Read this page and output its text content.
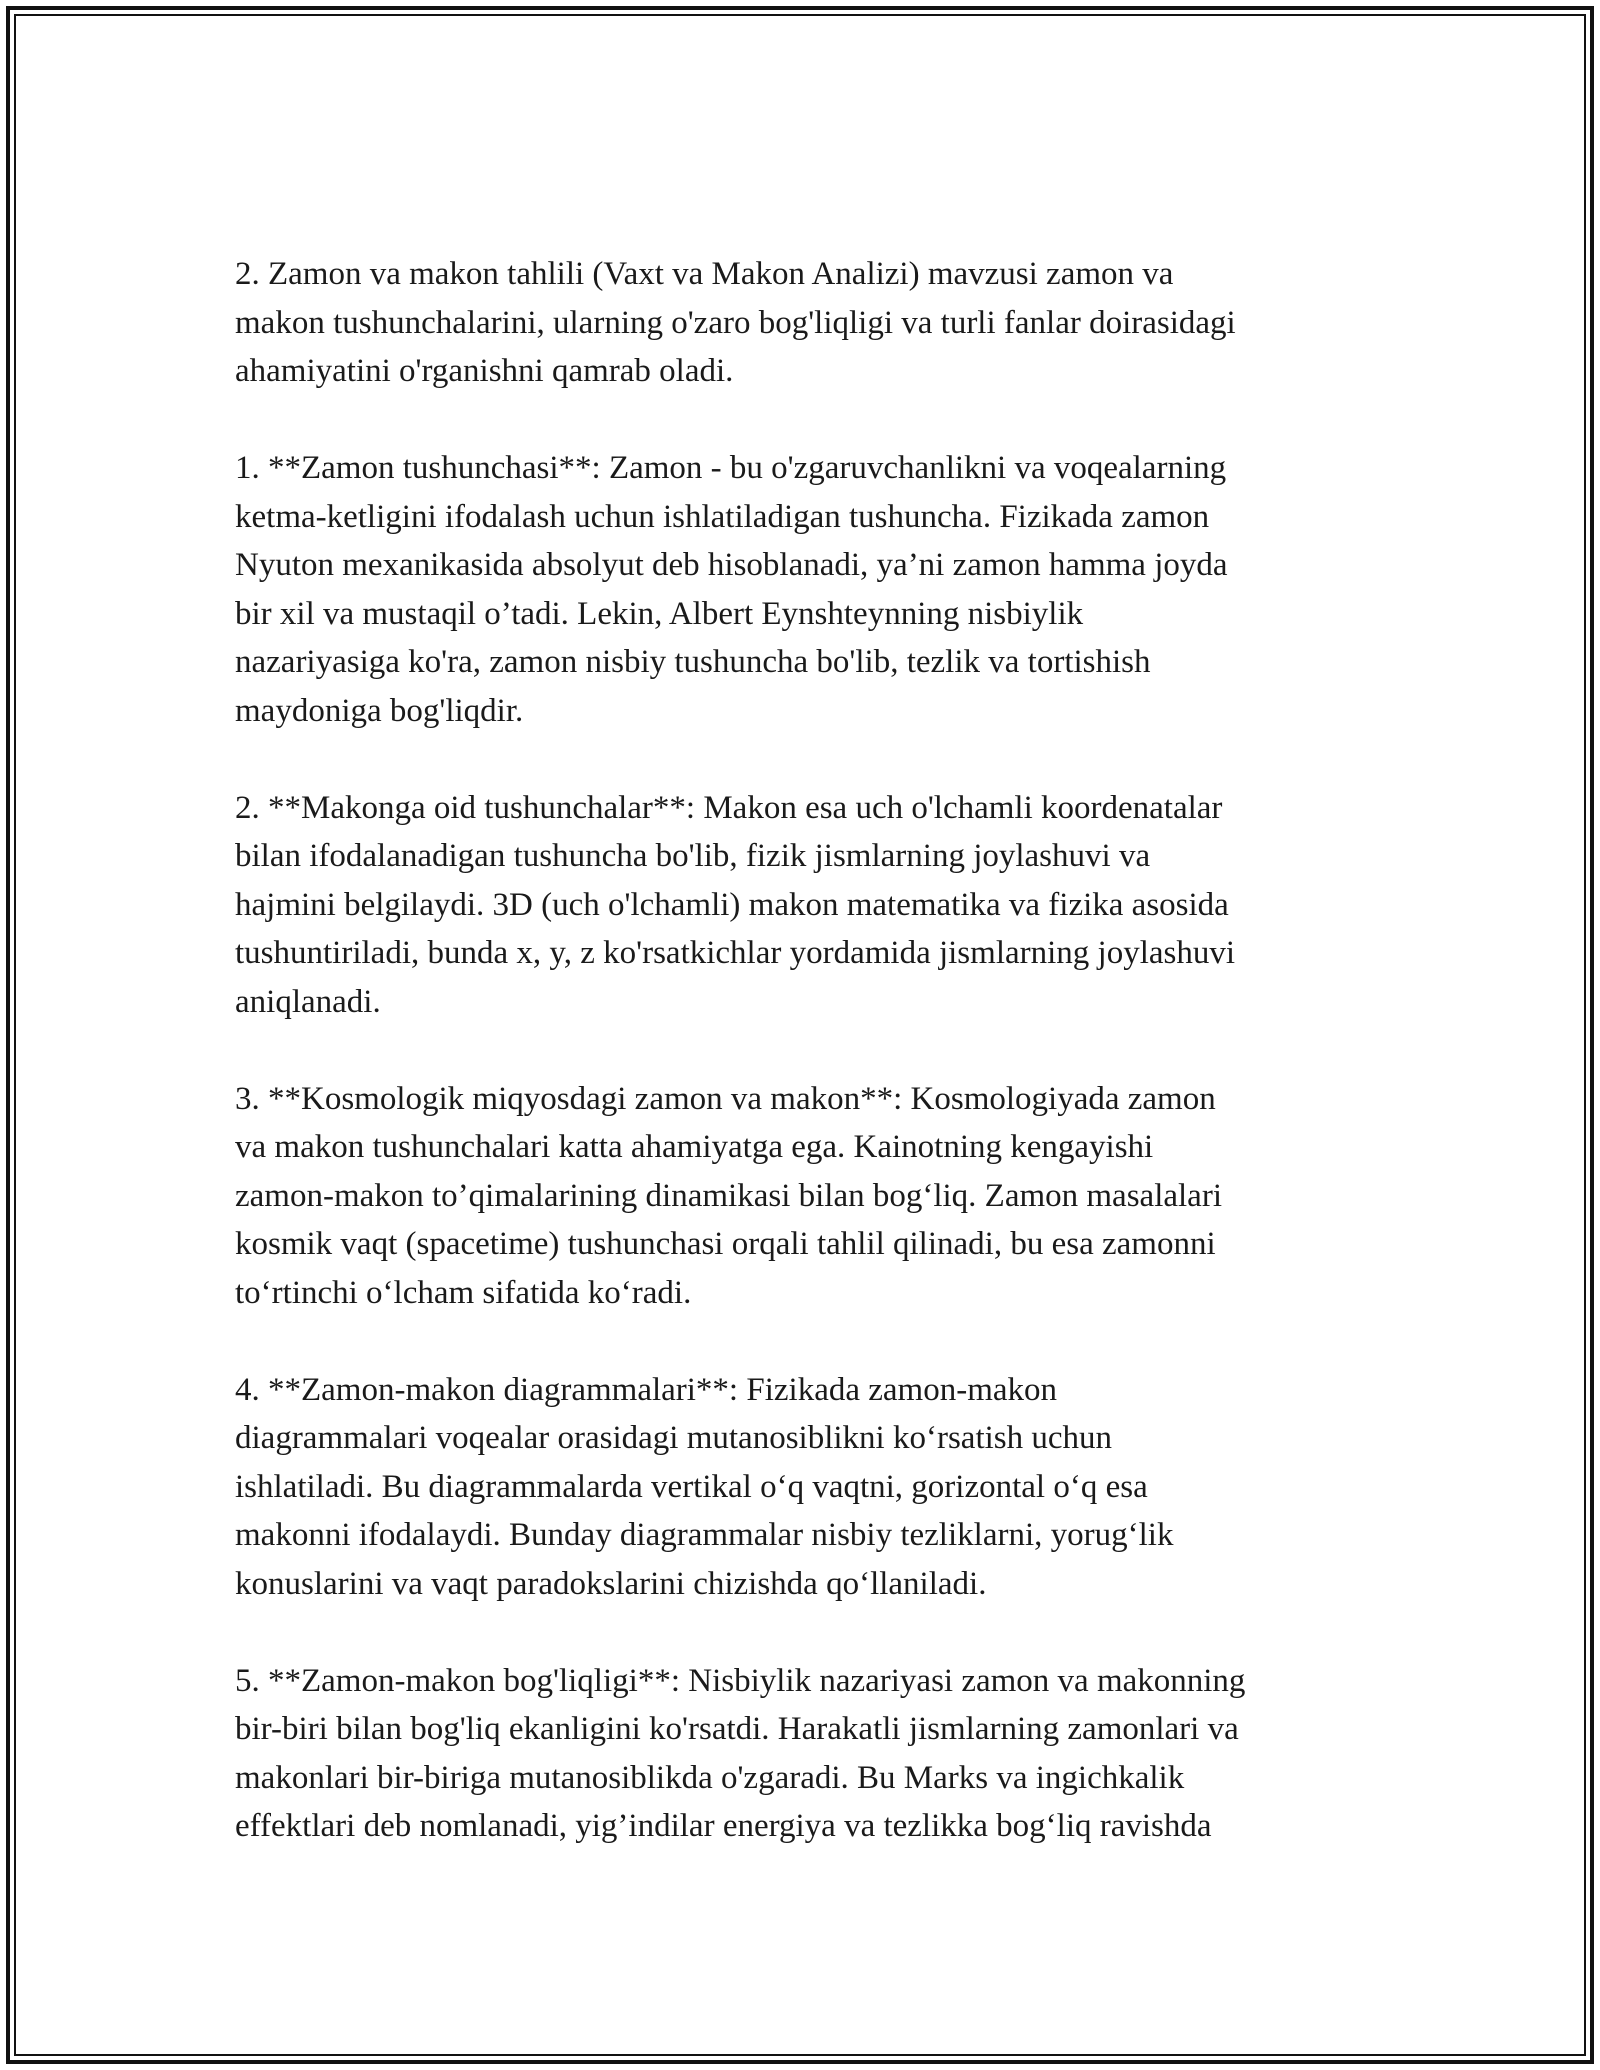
2. Zamon va makon tahlili (Vaxt va Makon Analizi) mavzusi zamon va
makon tushunchalarini, ularning o'zaro bog'liqligi va turli fanlar doirasidagi
ahamiyatini o'rganishni qamrab oladi.

1. **Zamon tushunchasi**: Zamon - bu o'zgaruvchanlikni va voqealarning
ketma-ketligini ifodalash uchun ishlatiladigan tushuncha. Fizikada zamon
Nyuton mexanikasida absolyut deb hisoblanadi, ya’ni zamon hamma joyda
bir xil va mustaqil o’tadi. Lekin, Albert Eynshteynning nisbiylik
nazariyasiga ko'ra, zamon nisbiy tushuncha bo'lib, tezlik va tortishish
maydoniga bog'liqdir.

2. **Makonga oid tushunchalar**: Makon esa uch o'lchamli koordenatalar
bilan ifodalanadigan tushuncha bo'lib, fizik jismlarning joylashuvi va
hajmini belgilaydi. 3D (uch o'lchamli) makon matematika va fizika asosida
tushuntiriladi, bunda x, y, z ko'rsatkichlar yordamida jismlarning joylashuvi
aniqlanadi.

3. **Kosmologik miqyosdagi zamon va makon**: Kosmologiyada zamon
va makon tushunchalari katta ahamiyatga ega. Kainotning kengayishi
zamon-makon to’qimalarining dinamikasi bilan bog‘liq. Zamon masalalari
kosmik vaqt (spacetime) tushunchasi orqali tahlil qilinadi, bu esa zamonni
to‘rtinchi o‘lcham sifatida ko‘radi.

4. **Zamon-makon diagrammalari**: Fizikada zamon-makon
diagrammalari voqealar orasidagi mutanosiblikni ko‘rsatish uchun
ishlatiladi. Bu diagrammalarda vertikal o‘q vaqtni, gorizontal o‘q esa
makonni ifodalaydi. Bunday diagrammalar nisbiy tezliklarni, yorug‘lik
konuslarini va vaqt paradokslarini chizishda qo‘llaniladi.

5. **Zamon-makon bog'liqligi**: Nisbiylik nazariyasi zamon va makonning
bir-biri bilan bog'liq ekanligini ko'rsatdi. Harakatli jismlarning zamonlari va
makonlari bir-biriga mutanosiblikda o'zgaradi. Bu Marks va ingichkalik
effektlari deb nomlanadi, yig’indilar energiya va tezlikka bog‘liq ravishda
